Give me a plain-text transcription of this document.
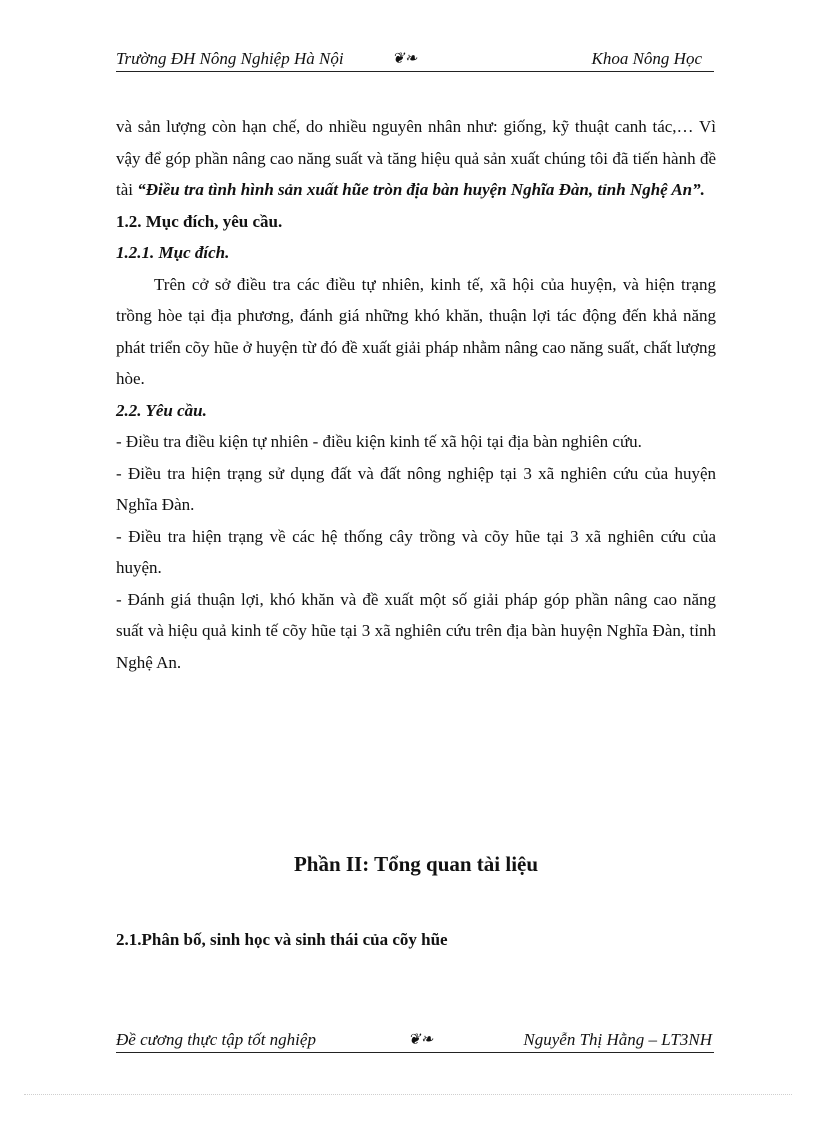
Trường ĐH Nông Nghiệp Hà Nội	❦❧	Khoa Nông Học

và sản lượng còn hạn chế, do nhiều nguyên nhân như: giống, kỹ thuật canh tác,… Vì vậy để góp phần nâng cao năng suất và tăng hiệu quả sản xuất chúng tôi đã tiến hành đề tài “Điều tra tình hình sản xuất hũe tròn địa bàn huyện Nghĩa Đàn, tỉnh Nghệ An”.

1.2. Mục đích, yêu cầu.

1.2.1. Mục đích.

Trên cở sở điều tra các điều tự nhiên, kinh tế, xã hội của huyện, và hiện trạng trồng hòe tại địa phương, đánh giá những khó khăn, thuận lợi tác động đến khả năng phát triển cõy hũe ở huyện từ đó đề xuất giải pháp nhằm nâng cao năng suất, chất lượng hòe.

2.2. Yêu cầu.

- Điều tra điều kiện tự nhiên - điều kiện kinh tế xã hội tại địa bàn nghiên cứu.

- Điều tra hiện trạng sử dụng đất và đất nông nghiệp tại 3 xã nghiên cứu của huyện Nghĩa Đàn.

- Điều tra hiện trạng về các hệ thống cây trồng và cõy hũe tại 3 xã nghiên cứu của huyện.

- Đánh giá thuận lợi, khó khăn và đề xuất một số giải pháp góp phần nâng cao năng suất và hiệu quả kinh tế cõy hũe tại 3 xã nghiên cứu trên địa bàn huyện Nghĩa Đàn, tỉnh Nghệ An.

Phần II: Tổng quan tài liệu
2.1.Phân bố, sinh học và sinh thái của cõy hũe
Đề cương thực tập tốt nghiệp	❦❧	Nguyễn Thị Hằng – LT3NH
